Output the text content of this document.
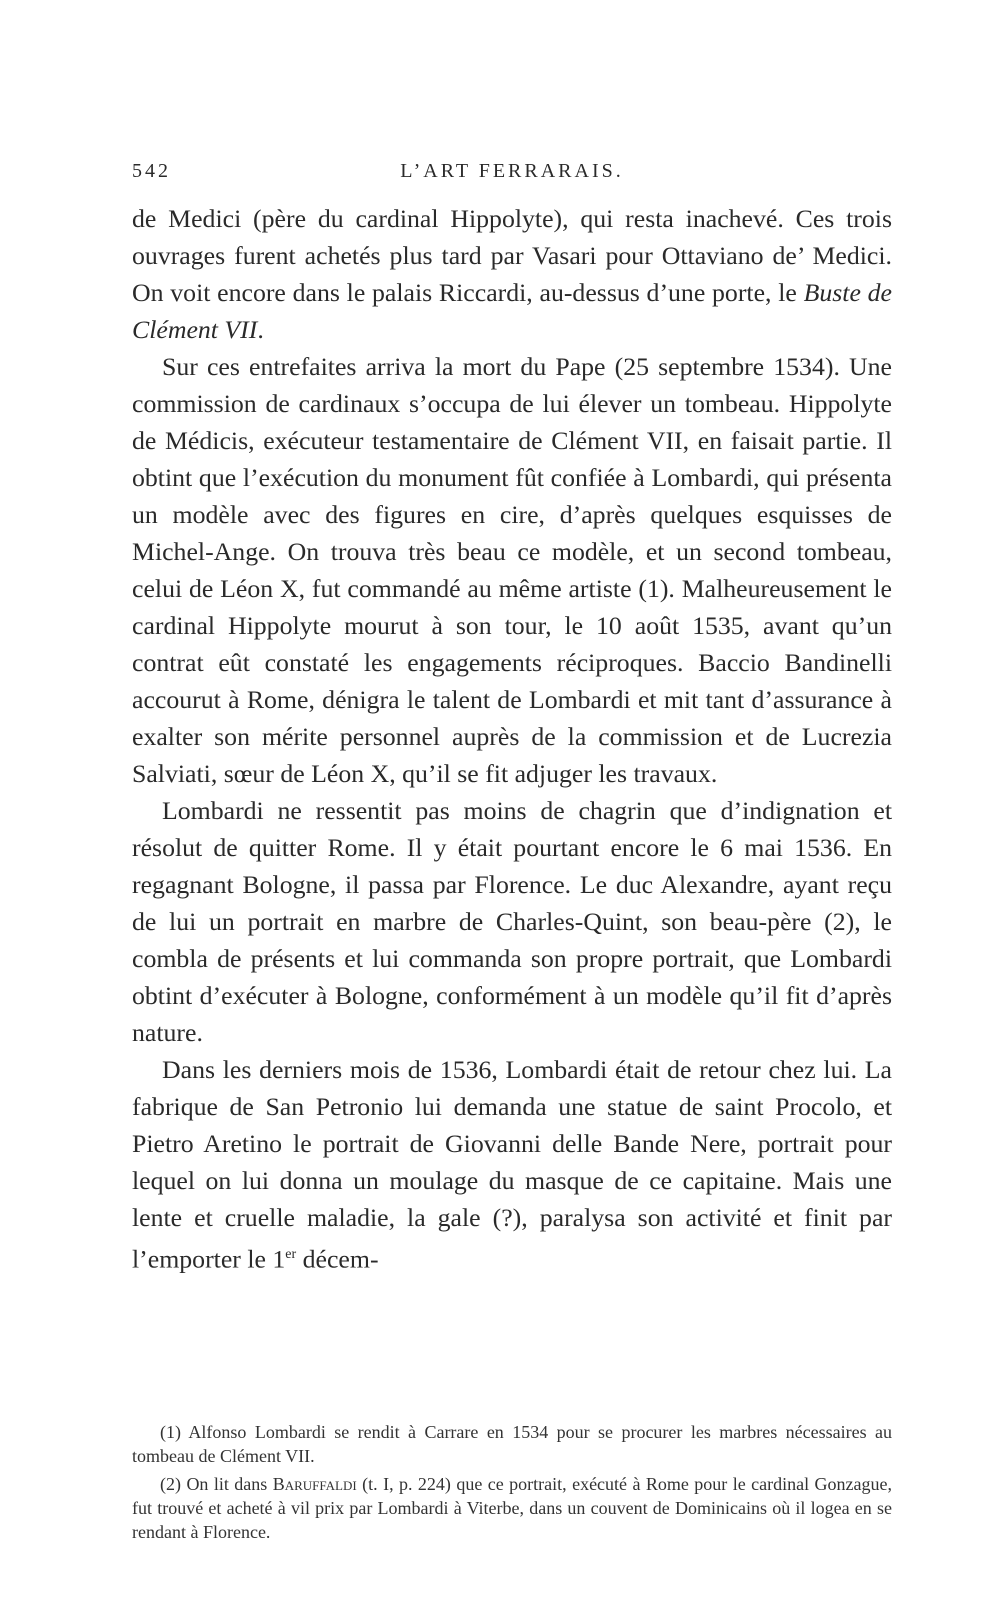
542	L’ART FERRARAIS.

de Medici (père du cardinal Hippolyte), qui resta inachevé. Ces trois ouvrages furent achetés plus tard par Vasari pour Ottaviano de’ Medici. On voit encore dans le palais Riccardi, au-dessus d’une porte, le Buste de Clément VII.

Sur ces entrefaites arriva la mort du Pape (25 septembre 1534). Une commission de cardinaux s’occupa de lui élever un tombeau. Hippolyte de Médicis, exécuteur testamentaire de Clément VII, en faisait partie. Il obtint que l’exécution du monument fût confiée à Lombardi, qui présenta un modèle avec des figures en cire, d’après quelques esquisses de Michel-Ange. On trouva très beau ce modèle, et un second tombeau, celui de Léon X, fut commandé au même artiste (1). Malheureusement le cardinal Hippolyte mourut à son tour, le 10 août 1535, avant qu’un contrat eût constaté les engagements réciproques. Baccio Bandinelli accourut à Rome, dénigra le talent de Lombardi et mit tant d’assurance à exalter son mérite personnel auprès de la commission et de Lucrezia Salviati, sœur de Léon X, qu’il se fit adjuger les travaux.

Lombardi ne ressentit pas moins de chagrin que d’indignation et résolut de quitter Rome. Il y était pourtant encore le 6 mai 1536. En regagnant Bologne, il passa par Florence. Le duc Alexandre, ayant reçu de lui un portrait en marbre de Charles-Quint, son beau-père (2), le combla de présents et lui commanda son propre portrait, que Lombardi obtint d’exécuter à Bologne, conformément à un modèle qu’il fit d’après nature.

Dans les derniers mois de 1536, Lombardi était de retour chez lui. La fabrique de San Petronio lui demanda une statue de saint Procolo, et Pietro Aretino le portrait de Giovanni delle Bande Nere, portrait pour lequel on lui donna un moulage du masque de ce capitaine. Mais une lente et cruelle maladie, la gale (?), paralysa son activité et finit par l’emporter le 1er décem-

(1) Alfonso Lombardi se rendit à Carrare en 1534 pour se procurer les marbres nécessaires au tombeau de Clément VII.

(2) On lit dans Baruffaldi (t. I, p. 224) que ce portrait, exécuté à Rome pour le cardinal Gonzague, fut trouvé et acheté à vil prix par Lombardi à Viterbe, dans un couvent de Dominicains où il logea en se rendant à Florence.
